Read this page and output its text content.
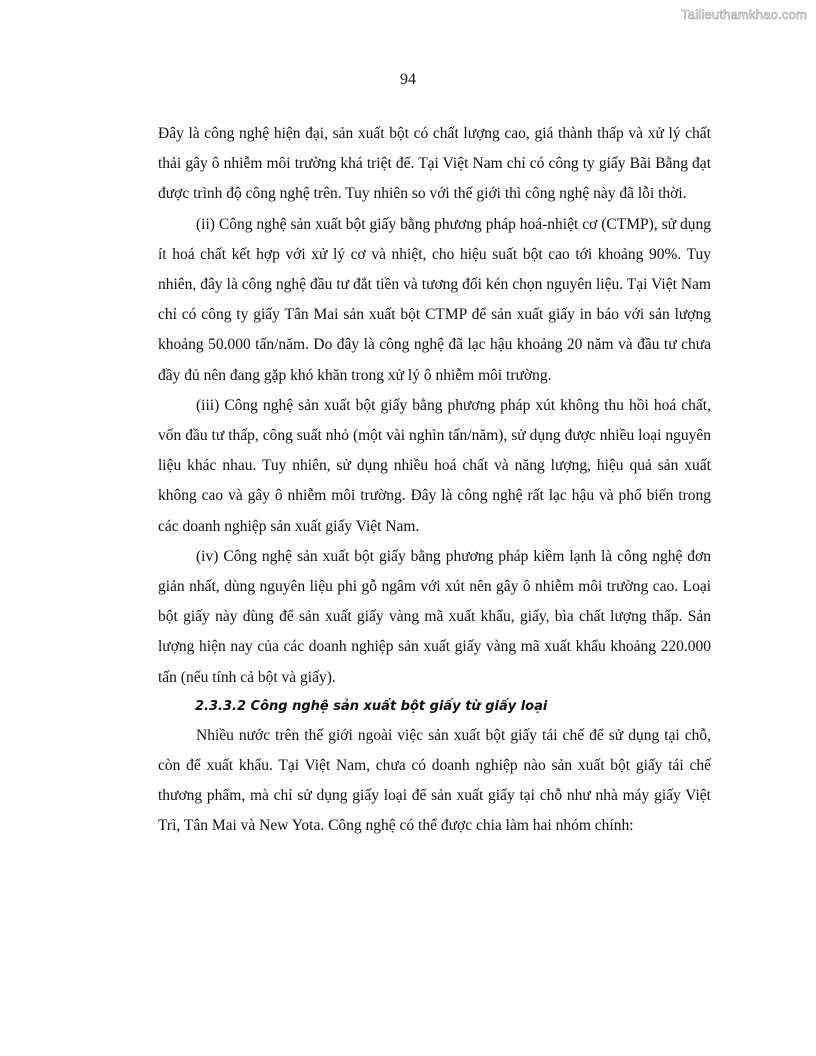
Tailieuthamkhao.com
94

Đây là công nghệ hiện đại, sản xuất bột có chất lượng cao, giá thành thấp và xử lý chất thải gây ô nhiễm môi trường khá triệt để. Tại Việt Nam chỉ có công ty giấy Bãi Bằng đạt được trình độ công nghệ trên. Tuy nhiên so với thế giới thì công nghệ này đã lỗi thời.

(ii) Công nghệ sản xuất bột giấy bằng phương pháp hoá-nhiệt cơ (CTMP), sử dụng ít hoá chất kết hợp với xử lý cơ và nhiệt, cho hiệu suất bột cao tới khoảng 90%. Tuy nhiên, đây là công nghệ đầu tư đắt tiền và tương đối kén chọn nguyên liệu. Tại Việt Nam chỉ có công ty giấy Tân Mai sản xuất bột CTMP để sản xuất giấy in báo với sản lượng khoảng 50.000 tấn/năm. Do đây là công nghệ đã lạc hậu khoảng 20 năm và đầu tư chưa đầy đủ nên đang gặp khó khăn trong xử lý ô nhiễm môi trường.

(iii) Công nghệ sản xuất bột giấy bằng phương pháp xút không thu hồi hoá chất, vốn đầu tư thấp, công suất nhỏ (một vài nghìn tấn/năm), sử dụng được nhiều loại nguyên liệu khác nhau. Tuy nhiên, sử dụng nhiều hoá chất và năng lượng, hiệu quả sản xuất không cao và gây ô nhiễm môi trường. Đây là công nghệ rất lạc hậu và phổ biến trong các doanh nghiệp sản xuất giấy Việt Nam.

(iv) Công nghệ sản xuất bột giấy bằng phương pháp kiềm lạnh là công nghệ đơn giản nhất, dùng nguyên liệu phi gỗ ngâm với xút nên gây ô nhiễm môi trường cao. Loại bột giấy này dùng để sản xuất giấy vàng mã xuất khẩu, giấy, bìa chất lượng thấp. Sản lượng hiện nay của các doanh nghiệp sản xuất giấy vàng mã xuất khẩu khoảng 220.000 tấn (nếu tính cả bột và giấy).

2.3.3.2 Công nghệ sản xuất bột giấy từ giấy loại

Nhiều nước trên thế giới ngoài việc sản xuất bột giấy tái chế để sử dụng tại chỗ, còn để xuất khẩu. Tại Việt Nam, chưa có doanh nghiệp nào sản xuất bột giấy tái chế thương phẩm, mà chỉ sử dụng giấy loại để sản xuất giấy tại chỗ như nhà máy giấy Việt Trì, Tân Mai và New Yota. Công nghệ có thể được chia làm hai nhóm chính:
